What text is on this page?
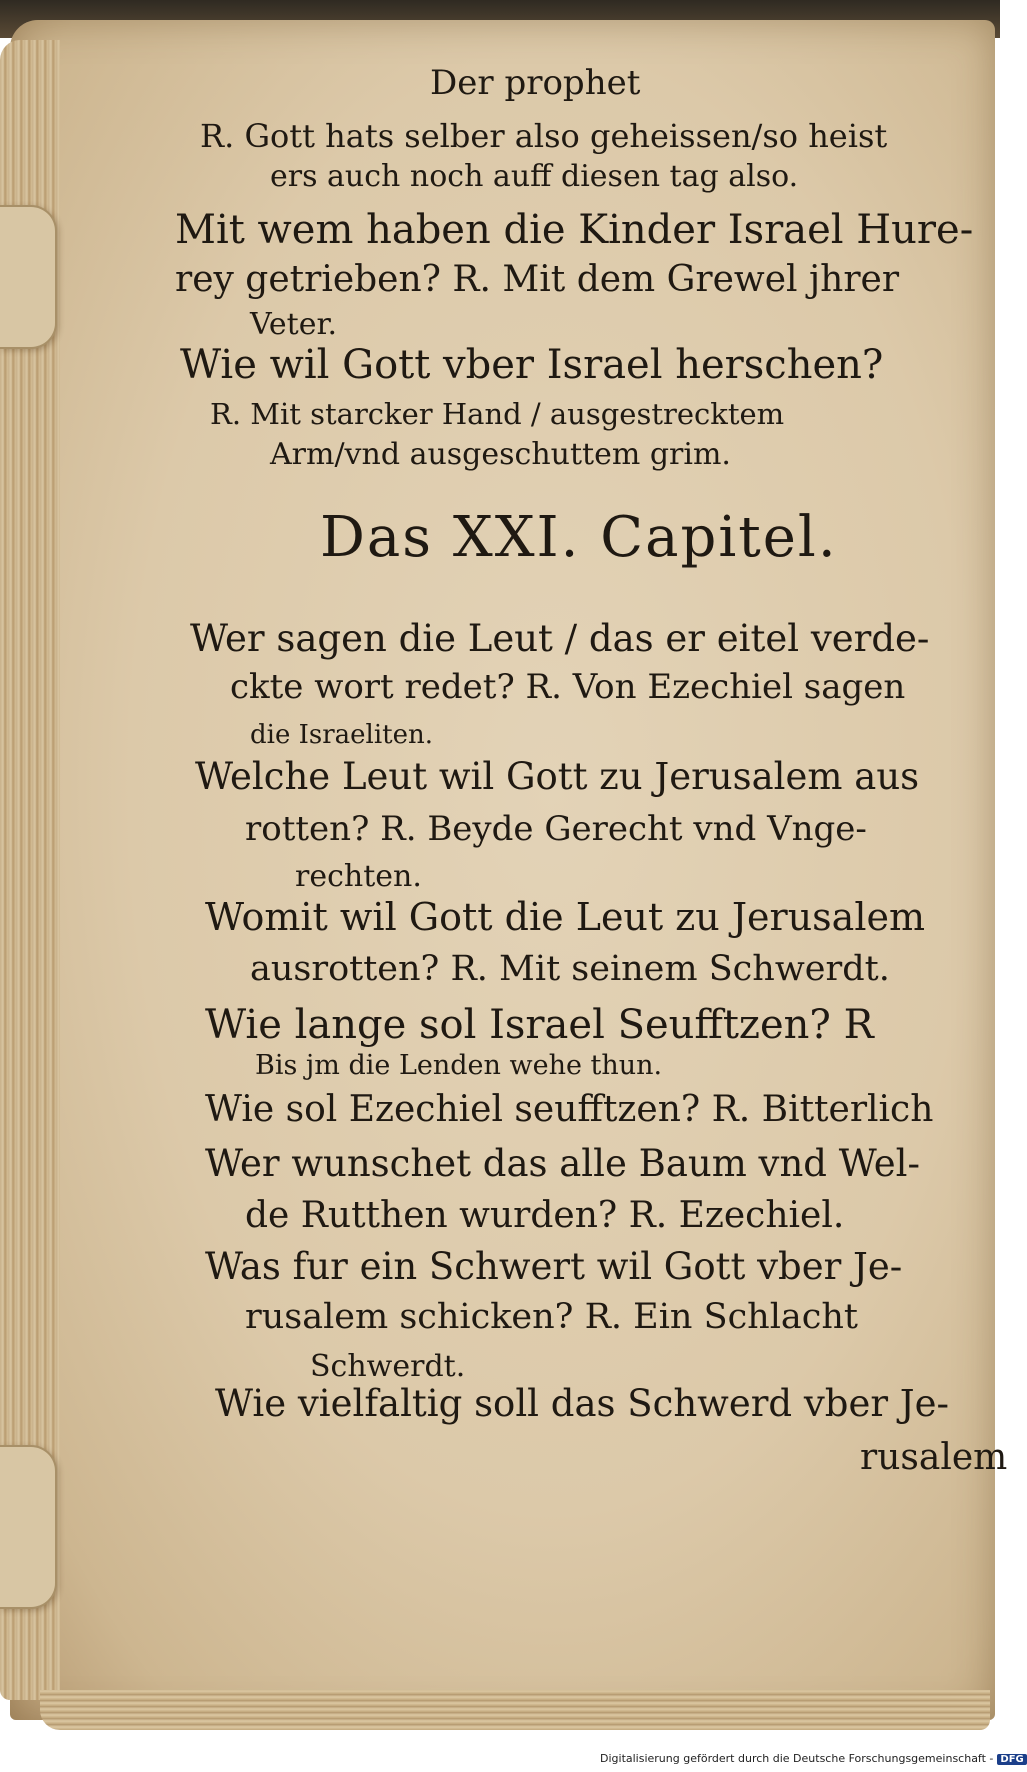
Der prophet
R. Gott hats selber also geheissen/so heist
ers auch noch auff diesen tag also.
Mit wem haben die Kinder Israel Hure-
rey getrieben? R. Mit dem Grewel jhrer
Veter.
Wie wil Gott vber Israel herschen?
R. Mit starcker Hand / ausgestrecktem
Arm/vnd ausgeschuttem grim.
Das XXI. Capitel.
Wer sagen die Leut / das er eitel verde-
ckte wort redet? R. Von Ezechiel sagen
die Israeliten.
Welche Leut wil Gott zu Jerusalem aus
rotten? R. Beyde Gerecht vnd Vnge-
rechten.
Womit wil Gott die Leut zu Jerusalem
ausrotten? R. Mit seinem Schwerdt.
Wie lange sol Israel Seufftzen? R
Bis jm die Lenden wehe thun.
Wie sol Ezechiel seufftzen? R. Bitterlich
Wer wunschet das alle Baum vnd Wel-
de Rutthen wurden? R. Ezechiel.
Was fur ein Schwert wil Gott vber Je-
rusalem schicken? R. Ein Schlacht
Schwerdt.
Wie vielfaltig soll das Schwerd vber Je-
rusalem
Digitalisierung gefördert durch die Deutsche Forschungsgemeinschaft - DFG
